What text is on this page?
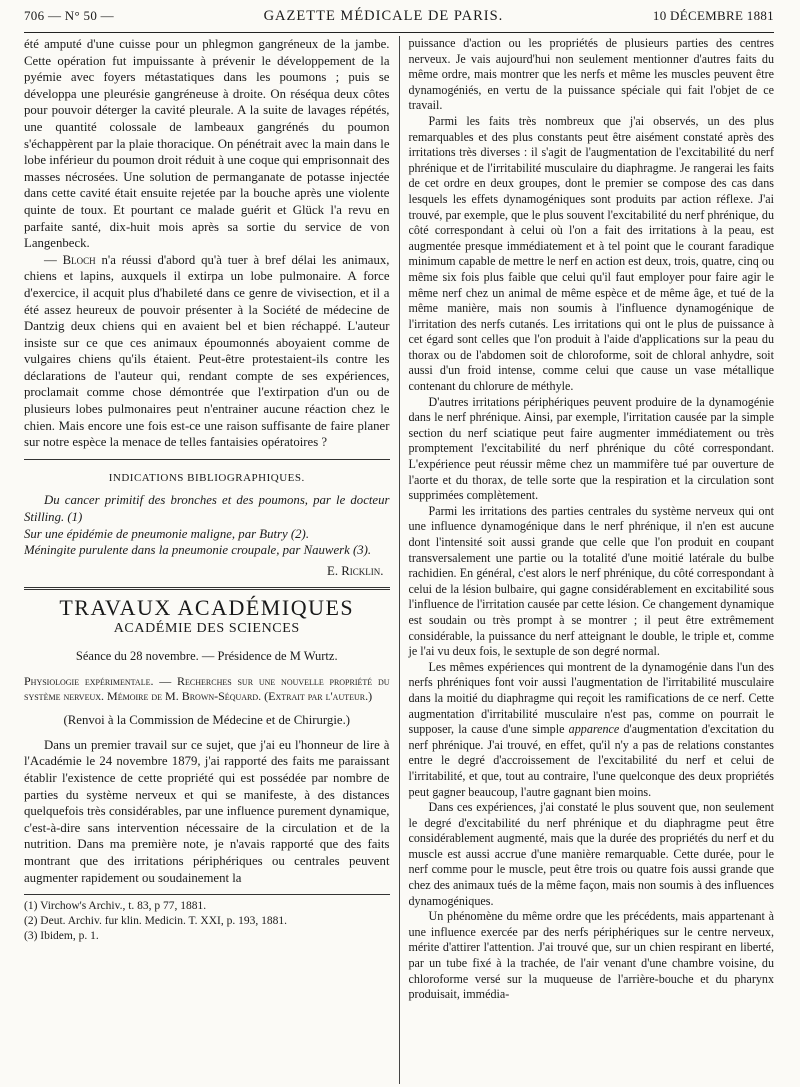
706 — N° 50 —	GAZETTE MÉDICALE DE PARIS.	10 DÉCEMBRE 1881

été amputé d'une cuisse pour un phlegmon gangréneux de la jambe. Cette opération fut impuissante à prévenir le développement de la pyémie avec foyers métastatiques dans les poumons ; puis se développa une pleurésie gangréneuse à droite. On réséqua deux côtes pour pouvoir déterger la cavité pleurale. A la suite de lavages répétés, une quantité colossale de lambeaux gangrénés du poumon s'échappèrent par la plaie thoracique. On pénétrait avec la main dans le lobe inférieur du poumon droit réduit à une coque qui emprisonnait des masses nécrosées. Une solution de permanganate de potasse injectée dans cette cavité était ensuite rejetée par la bouche après une violente quinte de toux. Et pourtant ce malade guérit et Glück l'a revu en parfaite santé, dix-huit mois après sa sortie du service de von Langenbeck.

— Bloch n'a réussi d'abord qu'à tuer à bref délai les animaux, chiens et lapins, auxquels il extirpa un lobe pulmonaire. A force d'exercice, il acquit plus d'habileté dans ce genre de vivisection, et il a été assez heureux de pouvoir présenter à la Société de médecine de Dantzig deux chiens qui en avaient bel et bien réchappé. L'auteur insiste sur ce que ces animaux époumonnés aboyaient comme de vulgaires chiens qu'ils étaient. Peut-être protestaient-ils contre les déclarations de l'auteur qui, rendant compte de ses expériences, proclamait comme chose démontrée que l'extirpation d'un ou de plusieurs lobes pulmonaires peut n'entrainer aucune réaction chez le chien. Mais encore une fois est-ce une raison suffisante de faire planer sur notre espèce la menace de telles fantaisies opératoires ?

INDICATIONS BIBLIOGRAPHIQUES.

Du cancer primitif des bronches et des poumons, par le docteur Stilling. (1)

Sur une épidémie de pneumonie maligne, par Butry (2).

Méningite purulente dans la pneumonie croupale, par Nauwerk (3).

E. Ricklin.

TRAVAUX ACADÉMIQUES
ACADÉMIE DES SCIENCES
Séance du 28 novembre. — Présidence de M Wurtz.

Physiologie expérimentale. — Recherches sur une nouvelle propriété du système nerveux. Mémoire de M. Brown-Séquard. (Extrait par l'auteur.)

(Renvoi à la Commission de Médecine et de Chirurgie.)

Dans un premier travail sur ce sujet, que j'ai eu l'honneur de lire à l'Académie le 24 novembre 1879, j'ai rapporté des faits me paraissant établir l'existence de cette propriété qui est possédée par nombre de parties du système nerveux et qui se manifeste, à des distances quelquefois très considérables, par une influence purement dynamique, c'est-à-dire sans intervention nécessaire de la circulation et de la nutrition. Dans ma première note, je n'avais rapporté que des faits montrant que des irritations périphériques ou centrales peuvent augmenter rapidement ou soudainement la

(1) Virchow's Archiv., t. 83, p 77, 1881.

(2) Deut. Archiv. fur klin. Medicin. T. XXI, p. 193, 1881.

(3) Ibidem, p. 1.

puissance d'action ou les propriétés de plusieurs parties des centres nerveux. Je vais aujourd'hui non seulement mentionner d'autres faits du même ordre, mais montrer que les nerfs et même les muscles peuvent être dynamogéniés, en vertu de la puissance spéciale qui fait l'objet de ce travail.

Parmi les faits très nombreux que j'ai observés, un des plus remarquables et des plus constants peut être aisément constaté après des irritations très diverses : il s'agit de l'augmentation de l'excitabilité du nerf phrénique et de l'irritabilité musculaire du diaphragme. Je rangerai les faits de cet ordre en deux groupes, dont le premier se compose des cas dans lesquels les effets dynamogéniques sont produits par action réflexe. J'ai trouvé, par exemple, que le plus souvent l'excitabilité du nerf phrénique, du côté correspondant à celui où l'on a fait des irritations à la peau, est augmentée presque immédiatement et à tel point que le courant faradique minimum capable de mettre le nerf en action est deux, trois, quatre, cinq ou même six fois plus faible que celui qu'il faut employer pour faire agir le même nerf chez un animal de même espèce et de même âge, et tué de la même manière, mais non soumis à l'influence dynamogénique de l'irritation des nerfs cutanés. Les irritations qui ont le plus de puissance à cet égard sont celles que l'on produit à l'aide d'applications sur la peau du thorax ou de l'abdomen soit de chloroforme, soit de chloral anhydre, soit aussi d'un froid intense, comme celui que cause un vase métallique contenant du chlorure de méthyle.

D'autres irritations périphériques peuvent produire de la dynamogénie dans le nerf phrénique. Ainsi, par exemple, l'irritation causée par la simple section du nerf sciatique peut faire augmenter immédiatement ou très promptement l'excitabilité du nerf phrénique du côté correspondant. L'expérience peut réussir même chez un mammifère tué par ouverture de l'aorte et du thorax, de telle sorte que la respiration et la circulation sont supprimées complètement.

Parmi les irritations des parties centrales du système nerveux qui ont une influence dynamogénique dans le nerf phrénique, il n'en est aucune dont l'intensité soit aussi grande que celle que l'on produit en coupant transversalement une partie ou la totalité d'une moitié latérale du bulbe rachidien. En général, c'est alors le nerf phrénique, du côté correspondant à celui de la lésion bulbaire, qui gagne considérablement en excitabilité sous l'influence de l'irritation causée par cette lésion. Ce changement dynamique est soudain ou très prompt à se montrer ; il peut être extrêmement considérable, la puissance du nerf atteignant le double, le triple et, comme je l'ai vu deux fois, le sextuple de son degré normal.

Les mêmes expériences qui montrent de la dynamogénie dans l'un des nerfs phréniques font voir aussi l'augmentation de l'irritabilité musculaire dans la moitié du diaphragme qui reçoit les ramifications de ce nerf. Cette augmentation d'irritabilité musculaire n'est pas, comme on pourrait le supposer, la cause d'une simple apparence d'augmentation d'excitation du nerf phrénique. J'ai trouvé, en effet, qu'il n'y a pas de relations constantes entre le degré d'accroissement de l'excitabilité du nerf et celui de l'irritabilité, et que, tout au contraire, l'une quelconque des deux propriétés peut gagner beaucoup, l'autre gagnant bien moins.

Dans ces expériences, j'ai constaté le plus souvent que, non seulement le degré d'excitabilité du nerf phrénique et du diaphragme peut être considérablement augmenté, mais que la durée des propriétés du nerf et du muscle est aussi accrue d'une manière remarquable. Cette durée, pour le nerf comme pour le muscle, peut être trois ou quatre fois aussi grande que chez des animaux tués de la même façon, mais non soumis à des influences dynamogéniques.

Un phénomène du même ordre que les précédents, mais appartenant à une influence exercée par des nerfs périphériques sur le centre nerveux, mérite d'attirer l'attention. J'ai trouvé que, sur un chien respirant en liberté, par un tube fixé à la trachée, de l'air venant d'une chambre voisine, du chloroforme versé sur la muqueuse de l'arrière-bouche et du pharynx produisait, immédia-
